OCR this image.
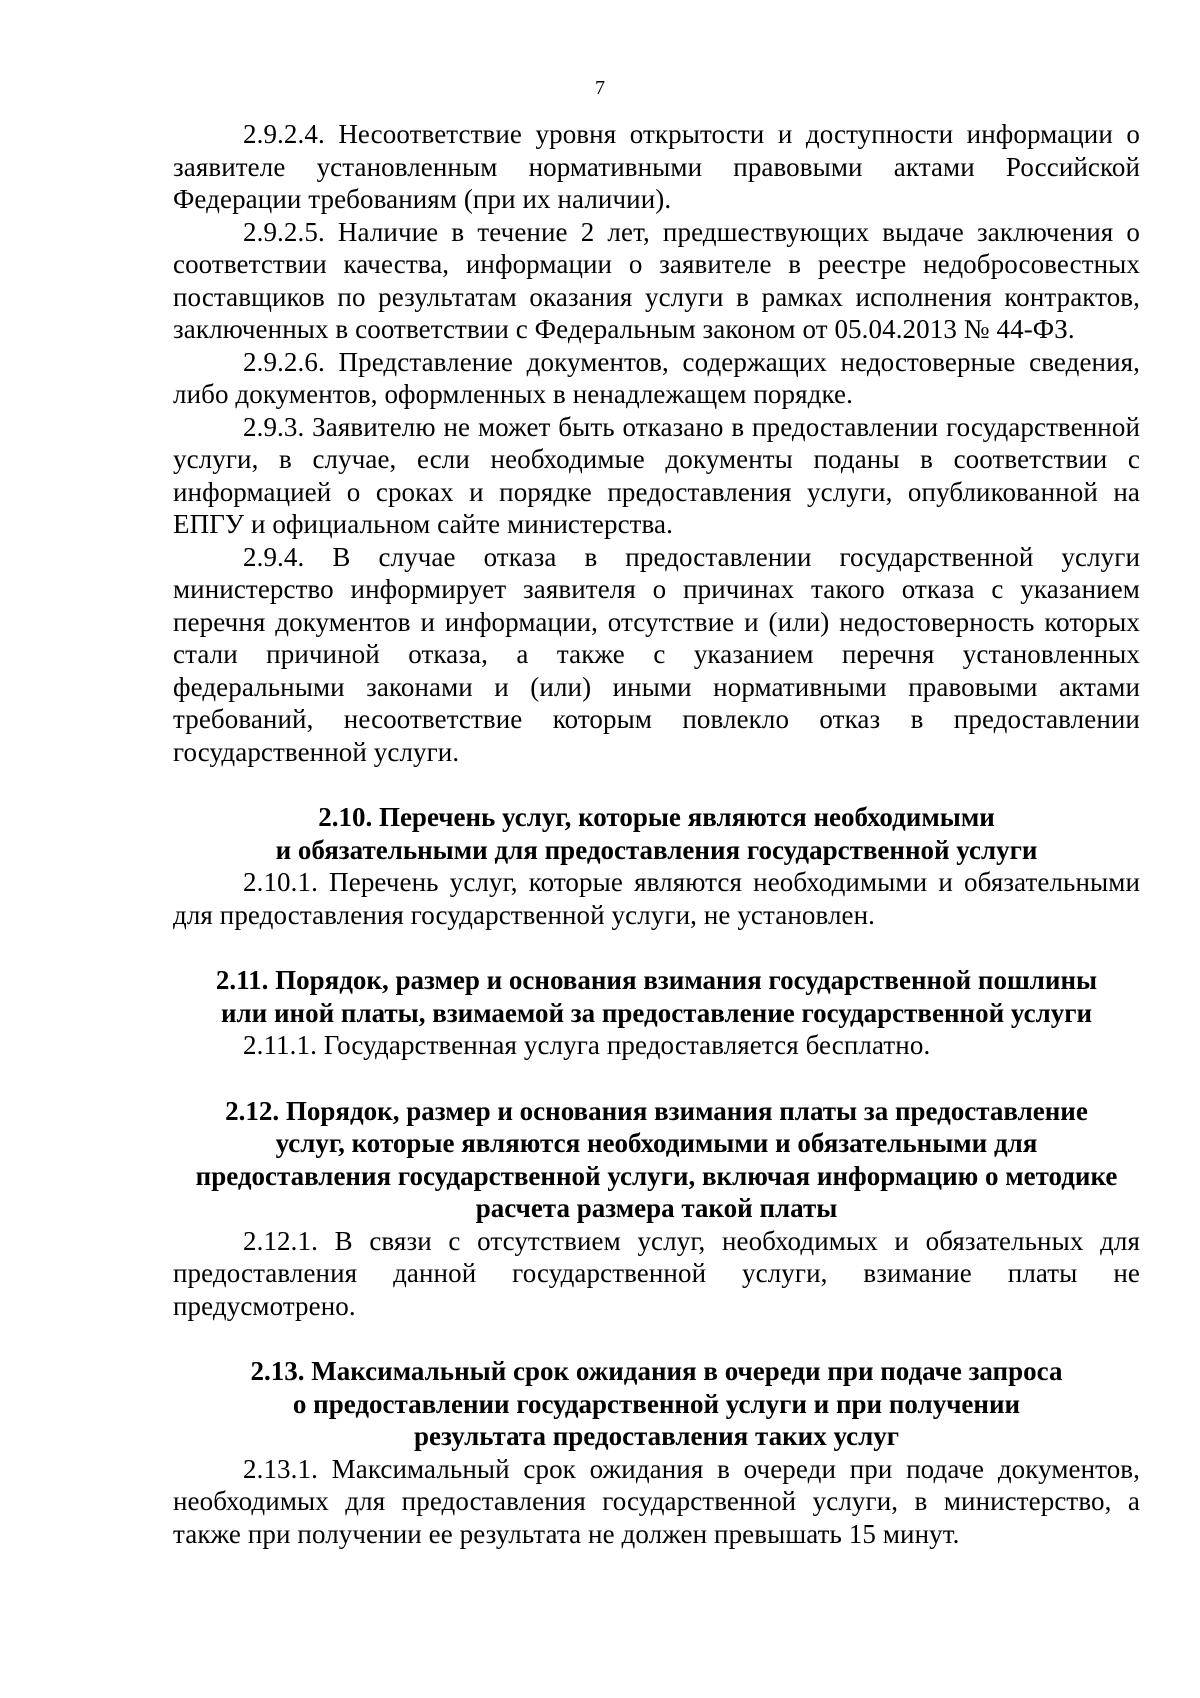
7

2.9.2.4. Несоответствие уровня открытости и доступности информации о заявителе установленным нормативными правовыми актами Российской Федерации требованиям (при их наличии).

2.9.2.5. Наличие в течение 2 лет, предшествующих выдаче заключения о соответствии качества, информации о заявителе в реестре недобросовестных поставщиков по результатам оказания услуги в рамках исполнения контрактов, заключенных в соответствии с Федеральным законом от 05.04.2013 № 44-ФЗ.

2.9.2.6. Представление документов, содержащих недостоверные сведения, либо документов, оформленных в ненадлежащем порядке.

2.9.3. Заявителю не может быть отказано в предоставлении государственной услуги, в случае, если необходимые документы поданы в соответствии с информацией о сроках и порядке предоставления услуги, опубликованной на ЕПГУ и официальном сайте министерства.

2.9.4. В случае отказа в предоставлении государственной услуги министерство информирует заявителя о причинах такого отказа с указанием перечня документов и информации, отсутствие и (или) недостоверность которых стали причиной отказа, а также с указанием перечня установленных федеральными законами и (или) иными нормативными правовыми актами требований, несоответствие которым повлекло отказ в предоставлении государственной услуги.

2.10. Перечень услуг, которые являются необходимыми
и обязательными для предоставления государственной услуги

2.10.1. Перечень услуг, которые являются необходимыми и обязательными для предоставления государственной услуги, не установлен.

2.11. Порядок, размер и основания взимания государственной пошлины
или иной платы, взимаемой за предоставление государственной услуги

2.11.1. Государственная услуга предоставляется бесплатно.

2.12. Порядок, размер и основания взимания платы за предоставление
услуг, которые являются необходимыми и обязательными для
предоставления государственной услуги, включая информацию о методике
расчета размера такой платы

2.12.1. В связи с отсутствием услуг, необходимых и обязательных для предоставления данной государственной услуги, взимание платы не предусмотрено.

2.13. Максимальный срок ожидания в очереди при подаче запроса
о предоставлении государственной услуги и при получении
результата предоставления таких услуг

2.13.1. Максимальный срок ожидания в очереди при подаче документов, необходимых для предоставления государственной услуги, в министерство, а также при получении ее результата не должен превышать 15 минут.
